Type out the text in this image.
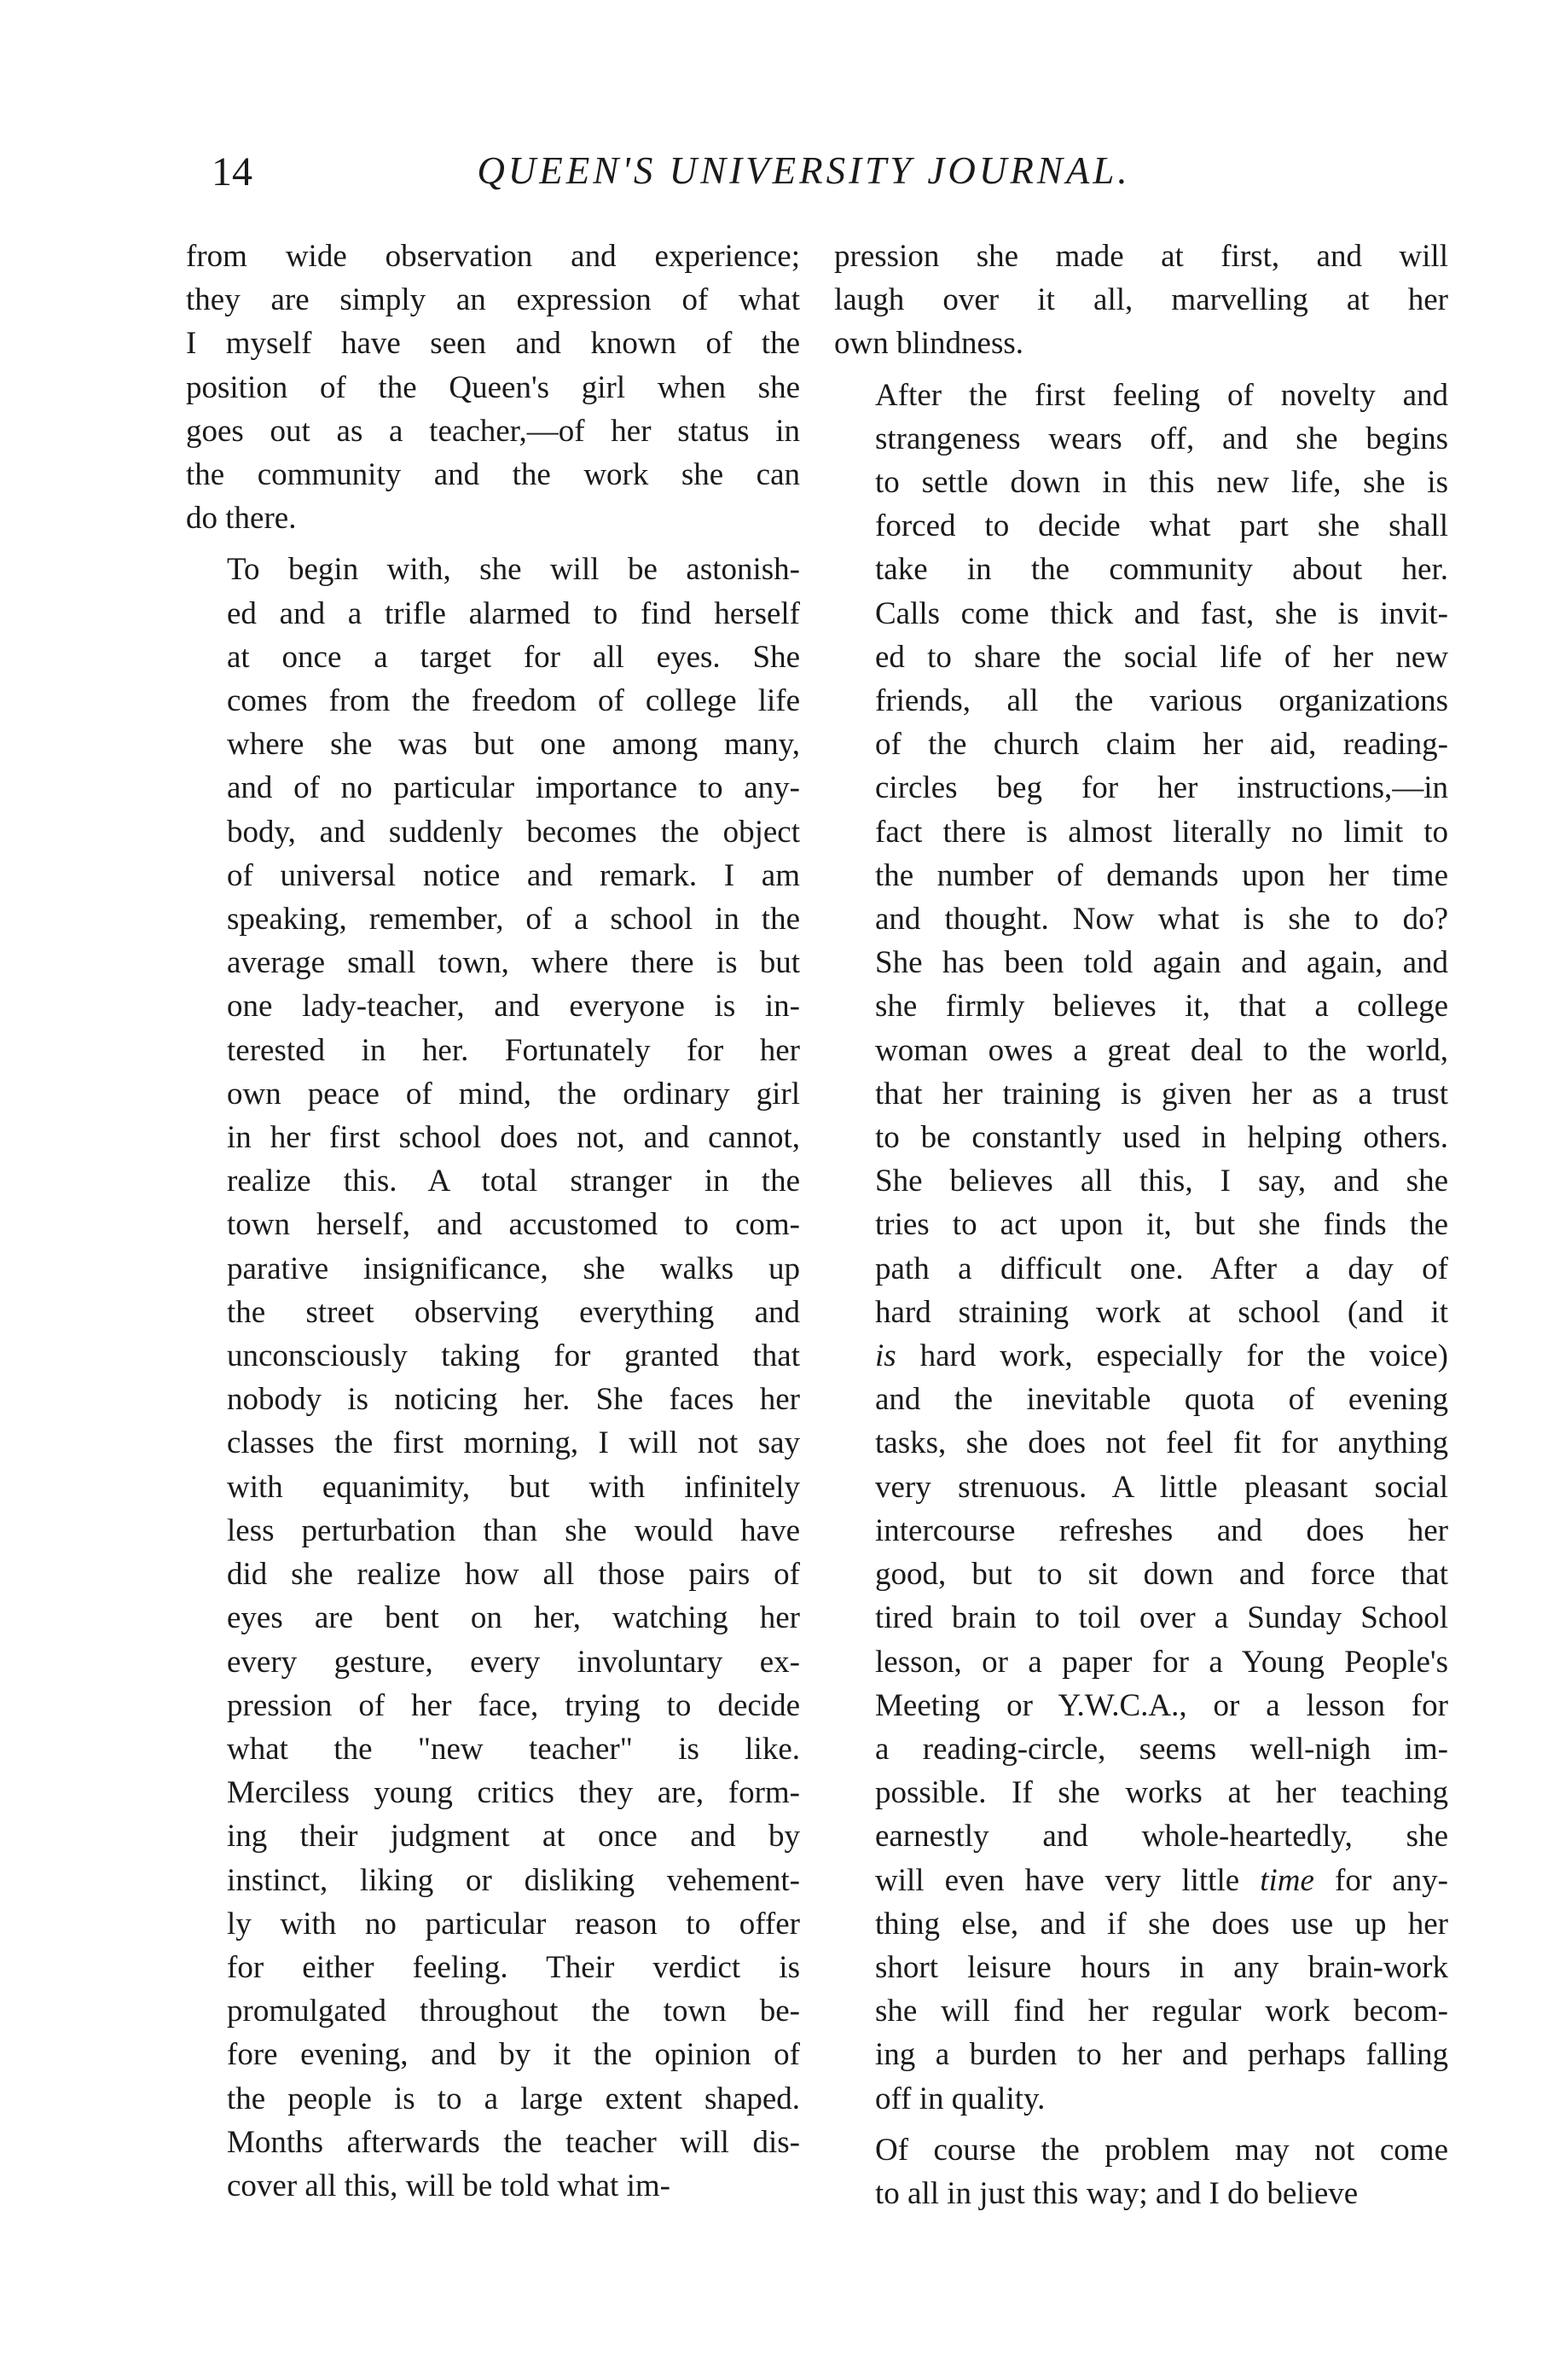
14	QUEEN'S UNIVERSITY JOURNAL.
from wide observation and experience;
they are simply an expression of what
I myself have seen and known of the
position of the Queen's girl when she
goes out as a teacher,—of her status in
the community and the work she can
do there.
To begin with, she will be astonish-
ed and a trifle alarmed to find herself
at once a target for all eyes. She
comes from the freedom of college life
where she was but one among many,
and of no particular importance to any-
body, and suddenly becomes the object
of universal notice and remark. I am
speaking, remember, of a school in the
average small town, where there is but
one lady-teacher, and everyone is in-
terested in her. Fortunately for her
own peace of mind, the ordinary girl
in her first school does not, and cannot,
realize this. A total stranger in the
town herself, and accustomed to com-
parative insignificance, she walks up
the street observing everything and
unconsciously taking for granted that
nobody is noticing her. She faces her
classes the first morning, I will not say
with equanimity, but with infinitely
less perturbation than she would have
did she realize how all those pairs of
eyes are bent on her, watching her
every gesture, every involuntary ex-
pression of her face, trying to decide
what the "new teacher" is like.
Merciless young critics they are, form-
ing their judgment at once and by
instinct, liking or disliking vehement-
ly with no particular reason to offer
for either feeling. Their verdict is
promulgated throughout the town be-
fore evening, and by it the opinion of
the people is to a large extent shaped.
Months afterwards the teacher will dis-
cover all this, will be told what im-
pression she made at first, and will
laugh over it all, marvelling at her
own blindness.
After the first feeling of novelty and
strangeness wears off, and she begins
to settle down in this new life, she is
forced to decide what part she shall
take in the community about her.
Calls come thick and fast, she is invit-
ed to share the social life of her new
friends, all the various organizations
of the church claim her aid, reading-
circles beg for her instructions,—in
fact there is almost literally no limit to
the number of demands upon her time
and thought. Now what is she to do?
She has been told again and again, and
she firmly believes it, that a college
woman owes a great deal to the world,
that her training is given her as a trust
to be constantly used in helping others.
She believes all this, I say, and she
tries to act upon it, but she finds the
path a difficult one. After a day of
hard straining work at school (and it
is hard work, especially for the voice)
and the inevitable quota of evening
tasks, she does not feel fit for anything
very strenuous. A little pleasant social
intercourse refreshes and does her
good, but to sit down and force that
tired brain to toil over a Sunday School
lesson, or a paper for a Young People's
Meeting or Y.W.C.A., or a lesson for
a reading-circle, seems well-nigh im-
possible. If she works at her teaching
earnestly and whole-heartedly, she
will even have very little time for any-
thing else, and if she does use up her
short leisure hours in any brain-work
she will find her regular work becom-
ing a burden to her and perhaps falling
off in quality.
Of course the problem may not come
to all in just this way; and I do believe
